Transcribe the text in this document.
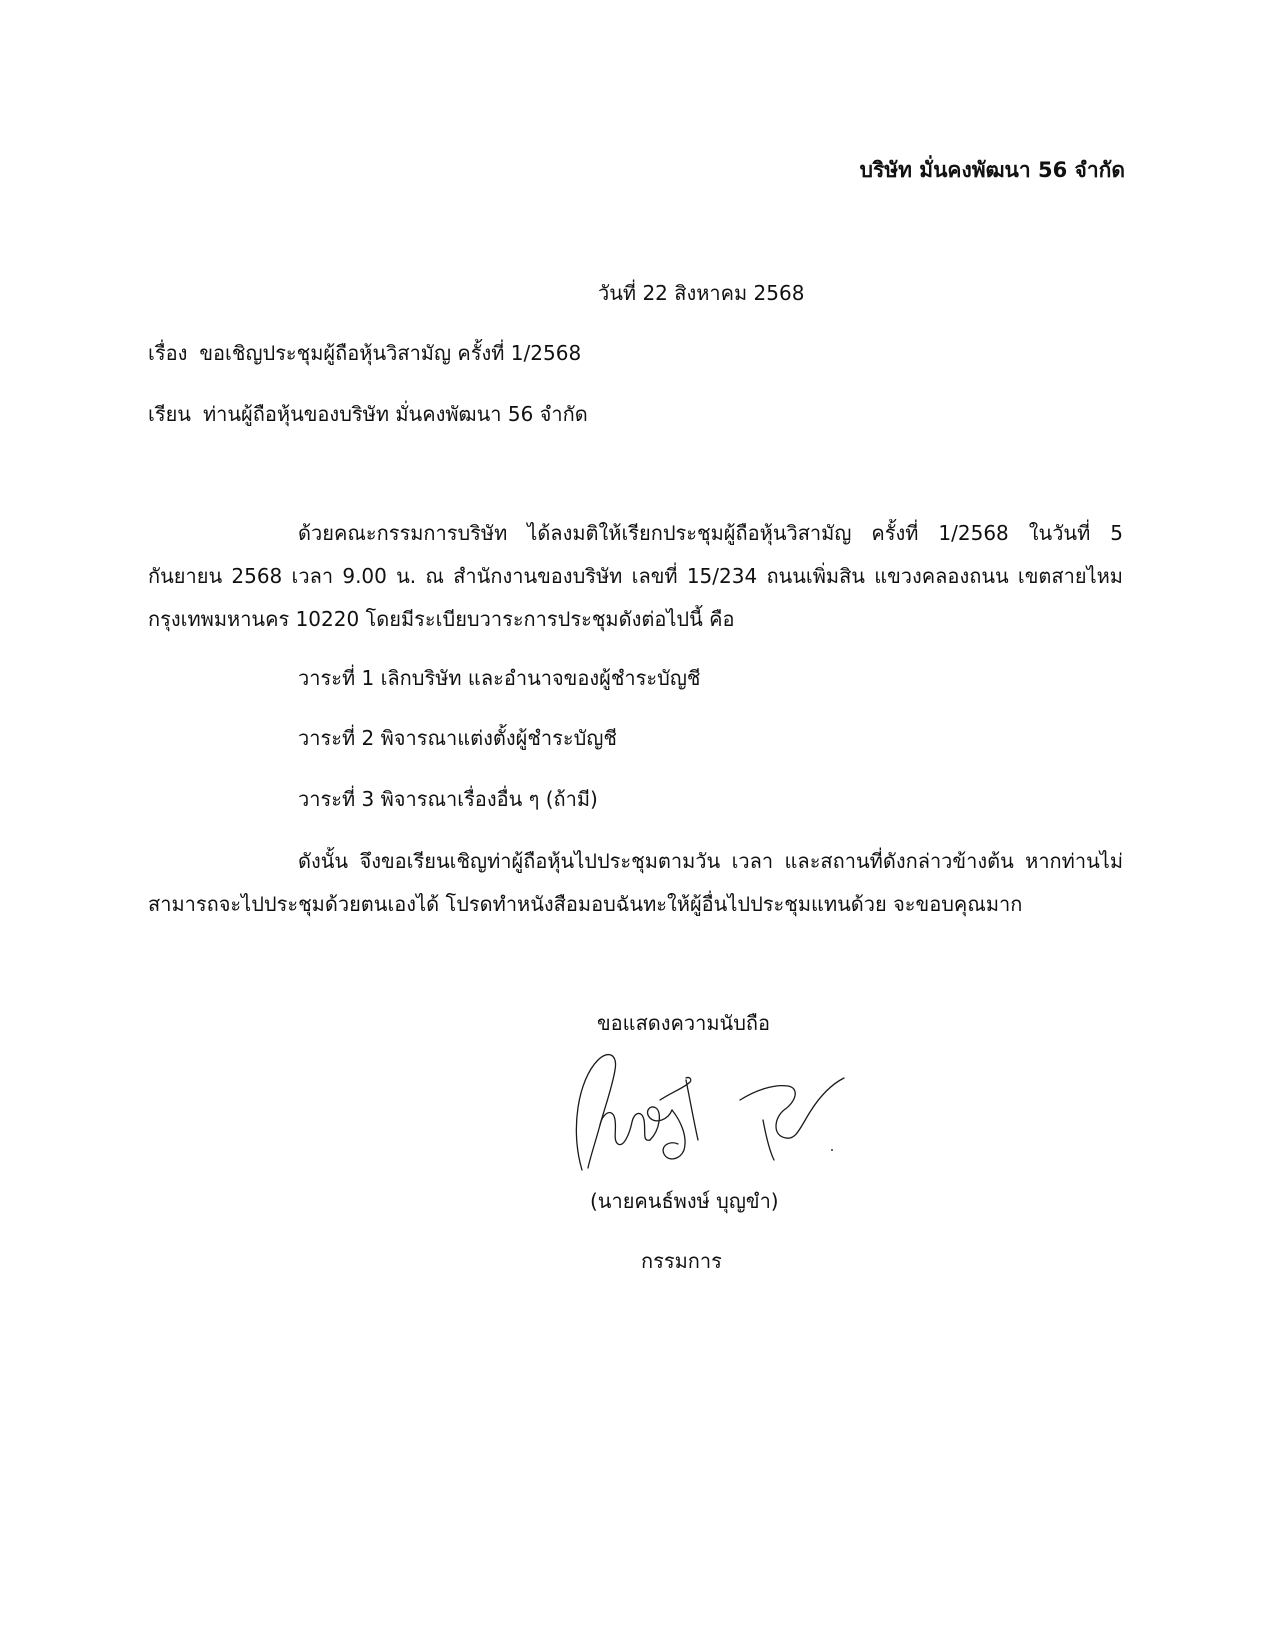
บริษัท มั่นคงพัฒนา 56 จำกัด
วันที่ 22 สิงหาคม 2568
เรื่อง ขอเชิญประชุมผู้ถือหุ้นวิสามัญ ครั้งที่ 1/2568
เรียน ท่านผู้ถือหุ้นของบริษัท มั่นคงพัฒนา 56 จำกัด
ด้วยคณะกรรมการบริษัท ได้ลงมติให้เรียกประชุมผู้ถือหุ้นวิสามัญ ครั้งที่ 1/2568 ในวันที่ 5 กันยายน 2568 เวลา 9.00 น. ณ สำนักงานของบริษัท เลขที่ 15/234 ถนนเพิ่มสิน แขวงคลองถนน เขตสายไหม กรุงเทพมหานคร 10220 โดยมีระเบียบวาระการประชุมดังต่อไปนี้ คือ
วาระที่ 1 เลิกบริษัท และอำนาจของผู้ชำระบัญชี
วาระที่ 2 พิจารณาแต่งตั้งผู้ชำระบัญชี
วาระที่ 3 พิจารณาเรื่องอื่น ๆ (ถ้ามี)
ดังนั้น จึงขอเรียนเชิญท่าผู้ถือหุ้นไปประชุมตามวัน เวลา และสถานที่ดังกล่าวข้างต้น หากท่านไม่สามารถจะไปประชุมด้วยตนเองได้ โปรดทำหนังสือมอบฉันทะให้ผู้อื่นไปประชุมแทนด้วย จะขอบคุณมาก
ขอแสดงความนับถือ
(นายคนธ์พงษ์ บุญขำ)
กรรมการ
